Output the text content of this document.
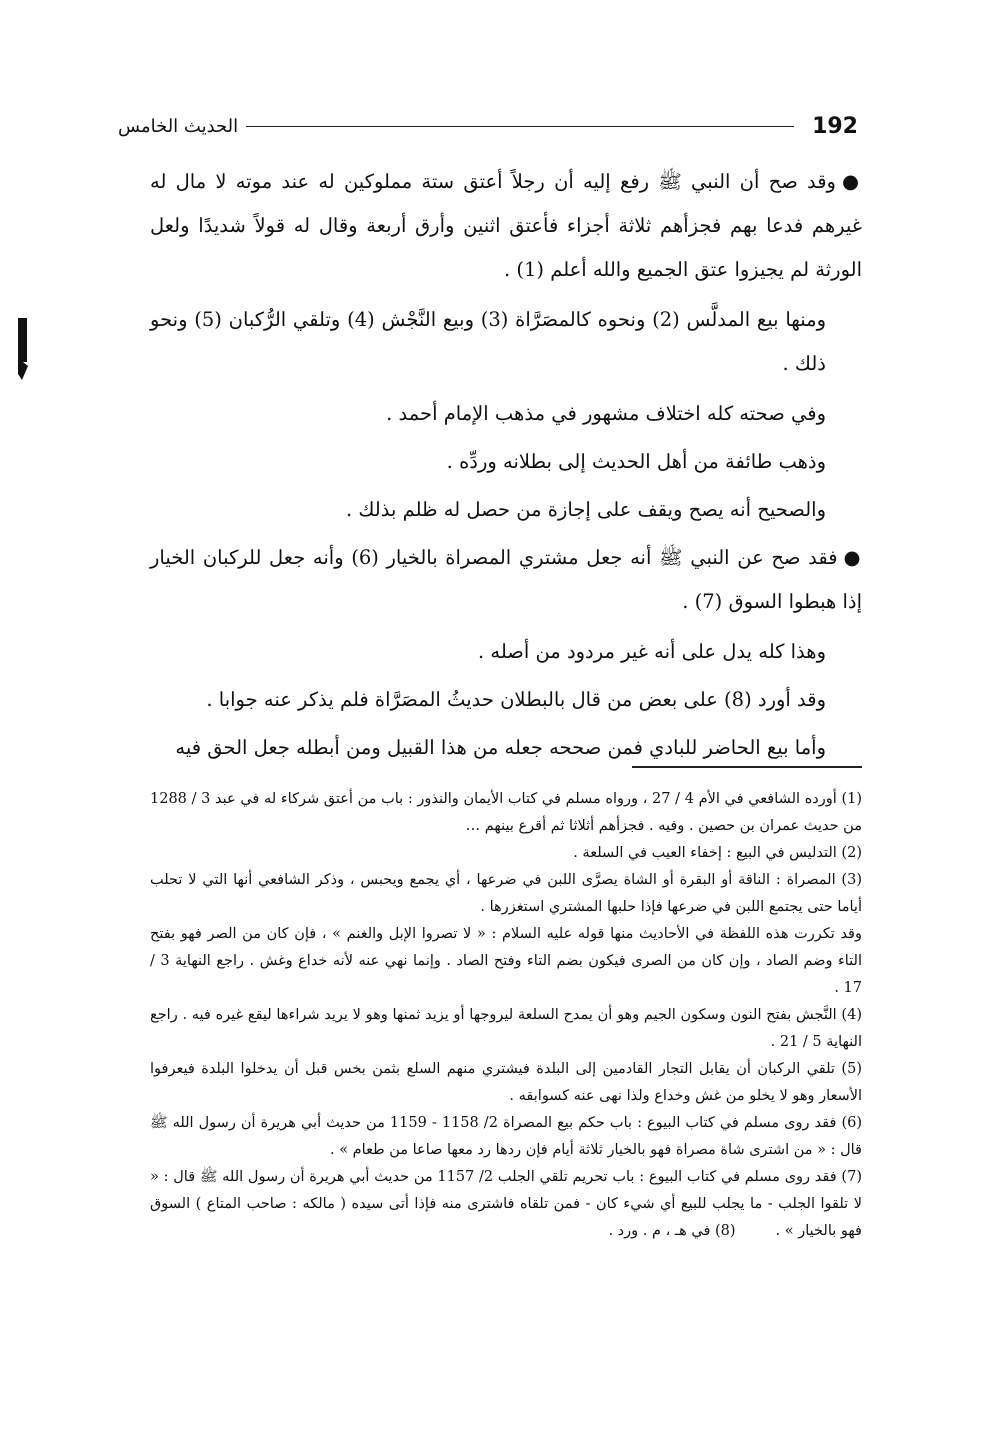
192
الحديث الخامس

●وقد صح أن النبي ﷺ رفع إليه أن رجلاً أعتق ستة مملوكين له عند موته لا مال له غيرهم فدعا بهم فجزأهم ثلاثة أجزاء فأعتق اثنين وأرق أربعة وقال له قولاً شديدًا ولعل الورثة لم يجيزوا عتق الجميع والله أعلم (1) .

ومنها بيع المدلَّس (2) ونحوه كالمصَرَّاة (3) وبيع النَّجْش (4) وتلقي الرُّكبان (5) ونحو ذلك .

وفي صحته كله اختلاف مشهور في مذهب الإمام أحمد .

وذهب طائفة من أهل الحديث إلى بطلانه وردِّه .

والصحيح أنه يصح ويقف على إجازة من حصل له ظلم بذلك .

●فقد صح عن النبي ﷺ أنه جعل مشتري المصراة بالخيار (6) وأنه جعل للركبان الخيار إذا هبطوا السوق (7) .

وهذا كله يدل على أنه غير مردود من أصله .

وقد أورد (8) على بعض من قال بالبطلان حديثُ المصَرَّاة فلم يذكر عنه جوابا .

وأما بيع الحاضر للبادي فمن صححه جعله من هذا القبيل ومن أبطله جعل الحق فيه

(1) أورده الشافعي في الأم 4 / 27 ، ورواه مسلم في كتاب الأيمان والنذور : باب من أعتق شركاء له في عبد 3 / 1288 من حديث عمران بن حصين . وفيه . فجزأهم أثلاثا ثم أقرع بينهم …

(2) التدليس في البيع : إخفاء العيب في السلعة .

(3) المصراة : الناقة أو البقرة أو الشاة يصرَّى اللبن في ضرعها ، أي يجمع ويحبس ، وذكر الشافعي أنها التي لا تحلب أياما حتى يجتمع اللبن في ضرعها فإذا حلبها المشتري استغزرها .

وقد تكررت هذه اللفظة في الأحاديث منها قوله عليه السلام : « لا تصروا الإبل والغنم » ، فإن كان من الصر فهو بفتح التاء وضم الصاد ، وإن كان من الصرى فيكون بضم التاء وفتح الصاد . وإنما نهي عنه لأنه خداع وغش . راجع النهاية 3 / 17 .

(4) النَّجش بفتح النون وسكون الجيم وهو أن يمدح السلعة ليروجها أو يزيد ثمنها وهو لا يريد شراءها ليقع غيره فيه . راجع النهاية 5 / 21 .

(5) تلقي الركبان أن يقابل التجار القادمين إلى البلدة فيشتري منهم السلع بثمن بخس قبل أن يدخلوا البلدة فيعرفوا الأسعار وهو لا يخلو من غش وخداع ولذا نهى عنه كسوابقه .

(6) فقد روى مسلم في كتاب البيوع : باب حكم بيع المصراة 2/ 1158 - 1159 من حديث أبي هريرة أن رسول الله ﷺ قال : « من اشترى شاة مصراة فهو بالخيار ثلاثة أيام فإن ردها رد معها صاعا من طعام » .

(7) فقد روى مسلم في كتاب البيوع : باب تحريم تلقي الجلب 2/ 1157 من حديث أبي هريرة أن رسول الله ﷺ قال : « لا تلقوا الجلب - ما يجلب للبيع أي شيء كان - فمن تلقاه فاشترى منه فإذا أتى سيده ( مالكه : صاحب المتاع ) السوق فهو بالخيار » .(8) في هـ ، م . ورد .
